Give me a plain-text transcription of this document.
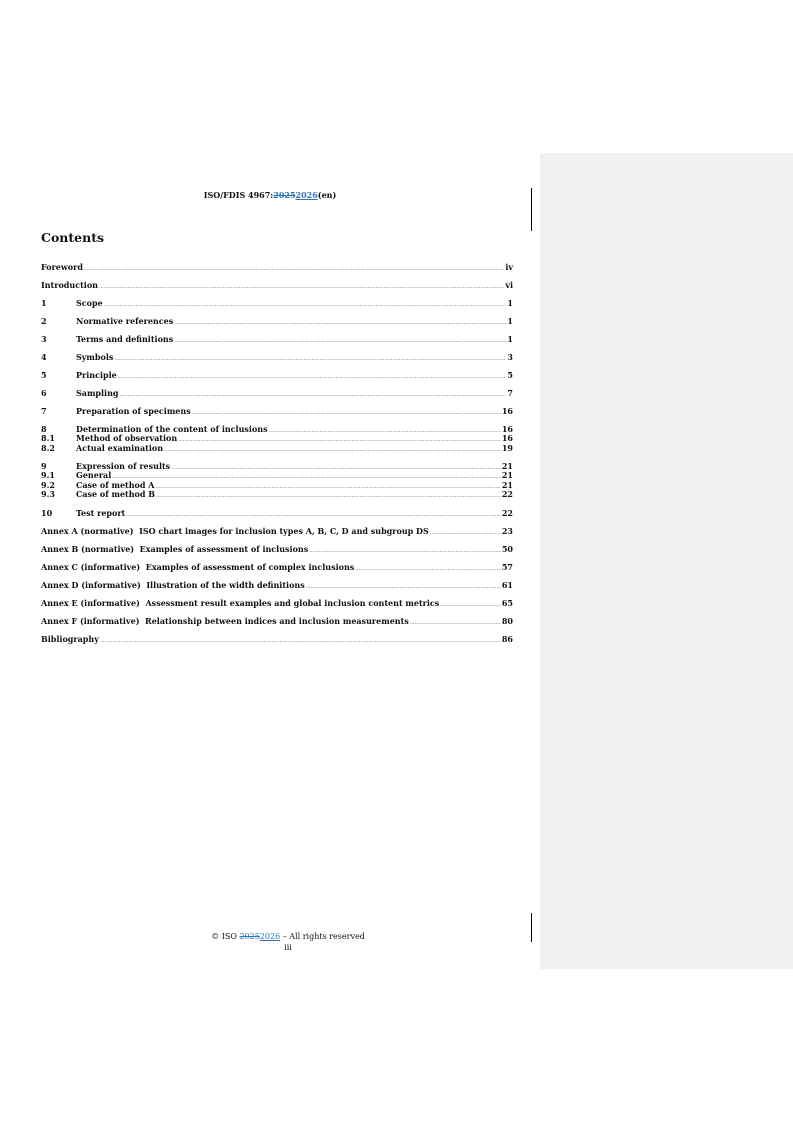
ISO/FDIS 4967:20252026(en)
Contents
Foreword .....	iv
Introduction .....	vi
1	Scope .....	1
2	Normative references .....	1
3	Terms and definitions .....	1
4	Symbols .....	3
5	Principle .....	5
6	Sampling .....	7
7	Preparation of specimens .....	16
8	Determination of the content of inclusions .....	16
8.1	Method of observation .....	16
8.2	Actual examination .....	19
9	Expression of results .....	21
9.1	General .....	21
9.2	Case of method A .....	21
9.3	Case of method B .....	22
10	Test report .....	22
Annex A (normative)  ISO chart images for inclusion types A, B, C, D and subgroup DS .....	23
Annex B (normative)  Examples of assessment of inclusions .....	50
Annex C (informative)  Examples of assessment of complex inclusions .....	57
Annex D (informative)  Illustration of the width definitions .....	61
Annex E (informative)  Assessment result examples and global inclusion content metrics .....	65
Annex F (informative)  Relationship between indices and inclusion measurements .....	80
Bibliography .....	86
© ISO 20252026 – All rights reserved
iii
